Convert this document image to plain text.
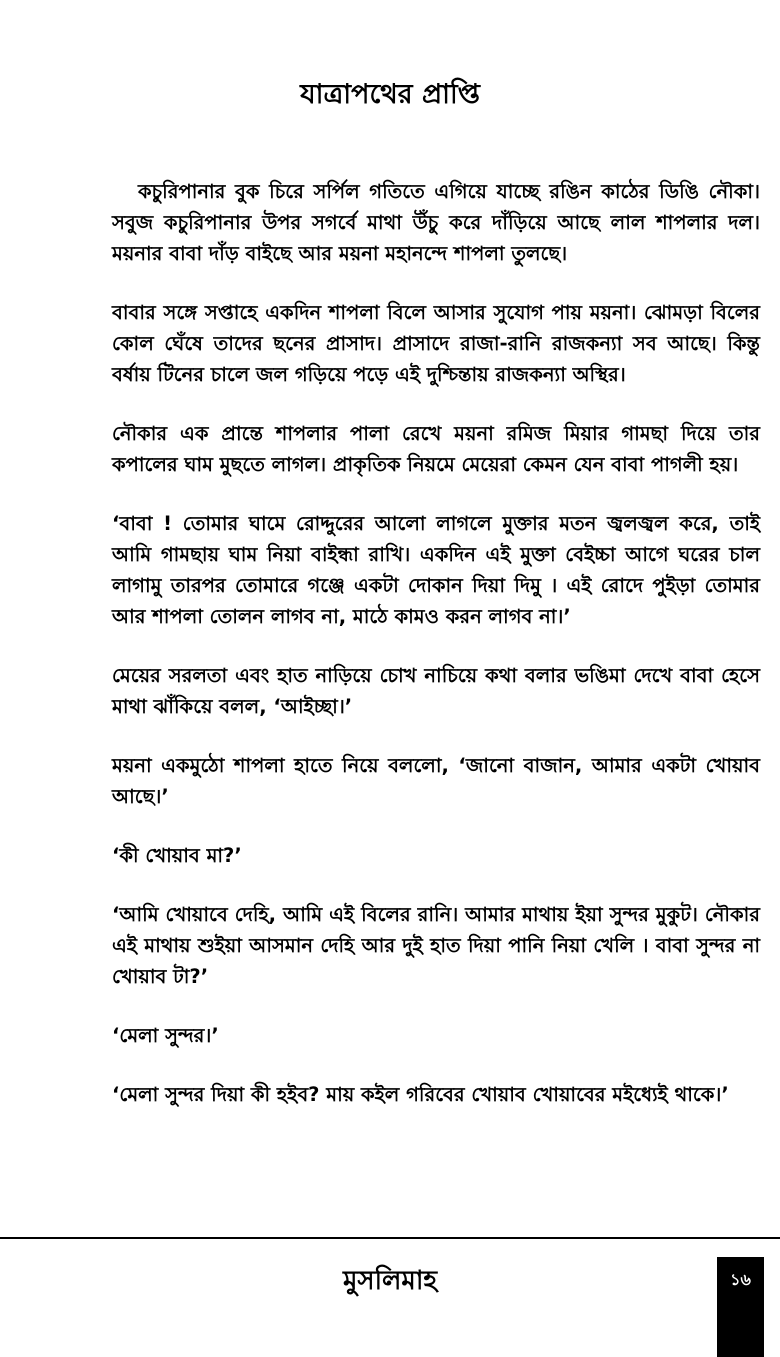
যাত্রাপথের প্রাপ্তি

কচুরিপানার বুক চিরে সর্পিল গতিতে এগিয়ে যাচ্ছে রঙিন কাঠের ডিঙি নৌকা।সবুজ কচুরিপানার উপর সগর্বে মাথা উঁচু করে দাঁড়িয়ে আছে লাল শাপলার দল। ময়নার বাবা দাঁড় বাইছে আর ময়না মহানন্দে শাপলা তুলছে।

বাবার সঙ্গে সপ্তাহে একদিন শাপলা বিলে আসার সুযোগ পায় ময়না। ঝোমড়া বিলের কোল ঘেঁষে তাদের ছনের প্রাসাদ। প্রাসাদে রাজা-রানি রাজকন্যা সব আছে। কিন্তু বর্ষায় টিনের চালে জল গড়িয়ে পড়ে এই দুশ্চিন্তায় রাজকন্যা অস্থির।

নৌকার এক প্রান্তে শাপলার পালা রেখে ময়না রমিজ মিয়ার গামছা দিয়ে তার কপালের ঘাম মুছতে লাগল। প্রাকৃতিক নিয়মে মেয়েরা কেমন যেন বাবা পাগলী হয়।

‘বাবা ! তোমার ঘামে রোদ্দুরের আলো লাগলে মুক্তার মতন জ্বলজ্বল করে, তাই আমি গামছায় ঘাম নিয়া বাইন্ধা রাখি। একদিন এই মুক্তা বেইচ্চা আগে ঘরের চাল লাগামু তারপর তোমারে গঞ্জে একটা দোকান দিয়া দিমু । এই রোদে পুইড়া তোমার আর শাপলা তোলন লাগব না, মাঠে কামও করন লাগব না।’

মেয়ের সরলতা এবং হাত নাড়িয়ে চোখ নাচিয়ে কথা বলার ভঙিমা দেখে বাবা হেসে মাথা ঝাঁকিয়ে বলল, ‘আইচ্ছা।’

ময়না একমুঠো শাপলা হাতে নিয়ে বললো, ‘জানো বাজান, আমার একটা খোয়াব আছে।’

‘কী খোয়াব মা?’

‘আমি খোয়াবে দেহি, আমি এই বিলের রানি। আমার মাথায় ইয়া সুন্দর মুকুট। নৌকার এই মাথায় শুইয়া আসমান দেহি আর দুই হাত দিয়া পানি নিয়া খেলি । বাবা সুন্দর না খোয়াব টা?’

‘মেলা সুন্দর।’

‘মেলা সুন্দর দিয়া কী হইব? মায় কইল গরিবের খোয়াব খোয়াবের মইধ্যেই থাকে।’

মুসলিমাহ	১৬
